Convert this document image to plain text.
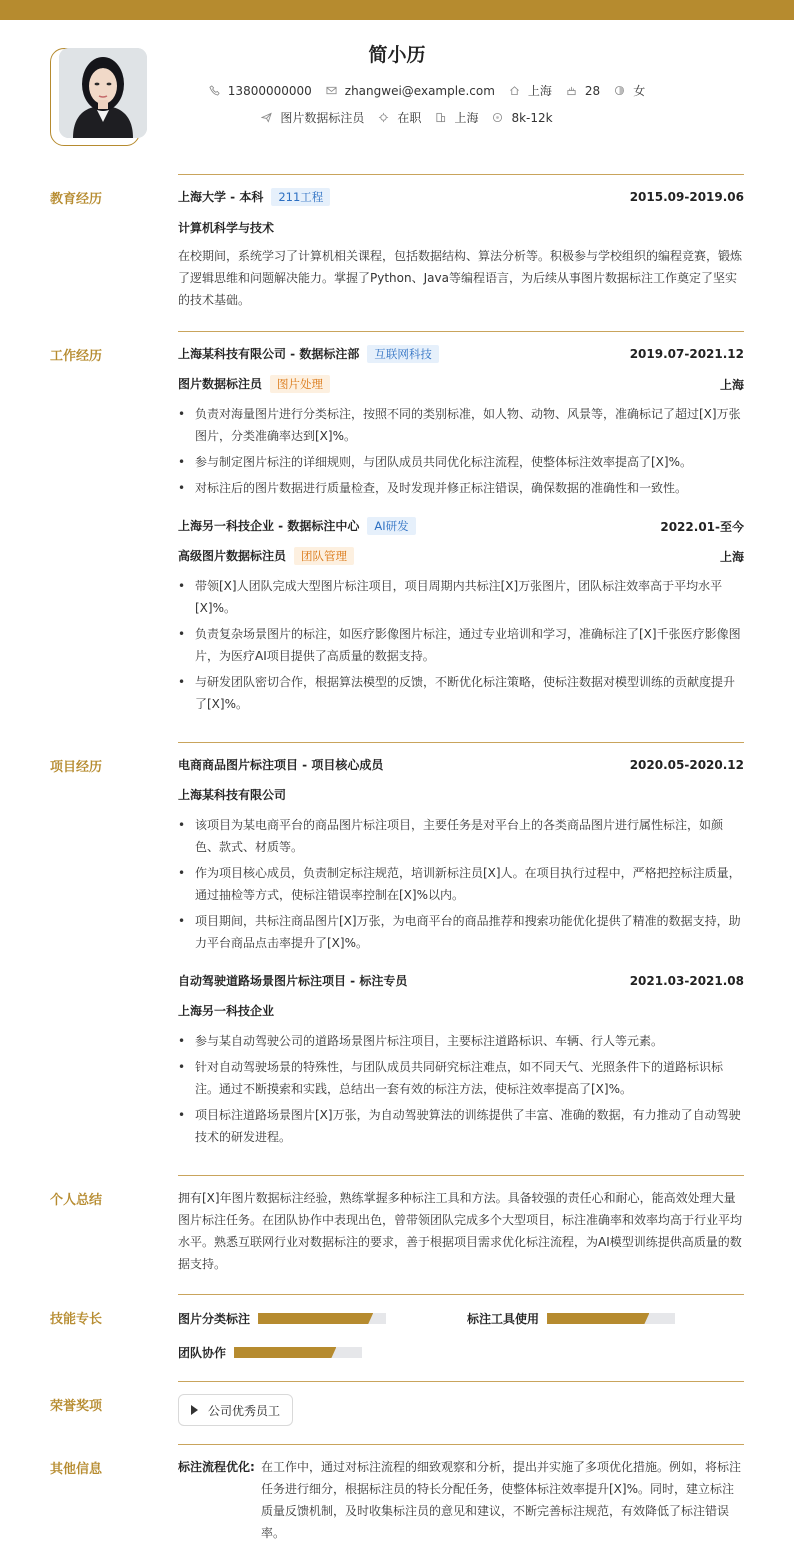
简小历
13800000000	zhangwei@example.com	上海	28	女
图片数据标注员	在职	上海	8k-12k
教育经历	上海大学 - 本科 211工程	2015.09-2019.06
计算机科学与技术
在校期间，系统学习了计算机相关课程，包括数据结构、算法分析等。积极参与学校组织的编程竞赛，锻炼了逻辑思维和问题解决能力。掌握了Python、Java等编程语言，为后续从事图片数据标注工作奠定了坚实的技术基础。
工作经历	上海某科技有限公司 - 数据标注部 互联网科技	2019.07-2021.12
图片数据标注员 图片处理	上海
• 负责对海量图片进行分类标注，按照不同的类别标准，如人物、动物、风景等，准确标记了超过[X]万张图片，分类准确率达到[X]%。
• 参与制定图片标注的详细规则，与团队成员共同优化标注流程，使整体标注效率提高了[X]%。
• 对标注后的图片数据进行质量检查，及时发现并修正标注错误，确保数据的准确性和一致性。
上海另一科技企业 - 数据标注中心 AI研发	2022.01-至今
高级图片数据标注员 团队管理	上海
• 带领[X]人团队完成大型图片标注项目，项目周期内共标注[X]万张图片，团队标注效率高于平均水平[X]%。
• 负责复杂场景图片的标注，如医疗影像图片标注，通过专业培训和学习，准确标注了[X]千张医疗影像图片，为医疗AI项目提供了高质量的数据支持。
• 与研发团队密切合作，根据算法模型的反馈，不断优化标注策略，使标注数据对模型训练的贡献度提升了[X]%。
项目经历	电商商品图片标注项目 - 项目核心成员	2020.05-2020.12
上海某科技有限公司
• 该项目为某电商平台的商品图片标注项目，主要任务是对平台上的各类商品图片进行属性标注，如颜色、款式、材质等。
• 作为项目核心成员，负责制定标注规范，培训新标注员[X]人。在项目执行过程中，严格把控标注质量，通过抽检等方式，使标注错误率控制在[X]%以内。
• 项目期间，共标注商品图片[X]万张，为电商平台的商品推荐和搜索功能优化提供了精准的数据支持，助力平台商品点击率提升了[X]%。
自动驾驶道路场景图片标注项目 - 标注专员	2021.03-2021.08
上海另一科技企业
• 参与某自动驾驶公司的道路场景图片标注项目，主要标注道路标识、车辆、行人等元素。
• 针对自动驾驶场景的特殊性，与团队成员共同研究标注难点，如不同天气、光照条件下的道路标识标注。通过不断摸索和实践，总结出一套有效的标注方法，使标注效率提高了[X]%。
• 项目标注道路场景图片[X]万张，为自动驾驶算法的训练提供了丰富、准确的数据，有力推动了自动驾驶技术的研发进程。
个人总结	拥有[X]年图片数据标注经验，熟练掌握多种标注工具和方法。具备较强的责任心和耐心，能高效处理大量图片标注任务。在团队协作中表现出色，曾带领团队完成多个大型项目，标注准确率和效率均高于行业平均水平。熟悉互联网行业对数据标注的要求，善于根据项目需求优化标注流程，为AI模型训练提供高质量的数据支持。
技能专长	图片分类标注	标注工具使用
团队协作
荣誉奖项	公司优秀员工
其他信息	标注流程优化: 在工作中，通过对标注流程的细致观察和分析，提出并实施了多项优化措施。例如，将标注任务进行细分，根据标注员的特长分配任务，使整体标注效率提升[X]%。同时，建立标注质量反馈机制，及时收集标注员的意见和建议，不断完善标注规范，有效降低了标注错误率。
